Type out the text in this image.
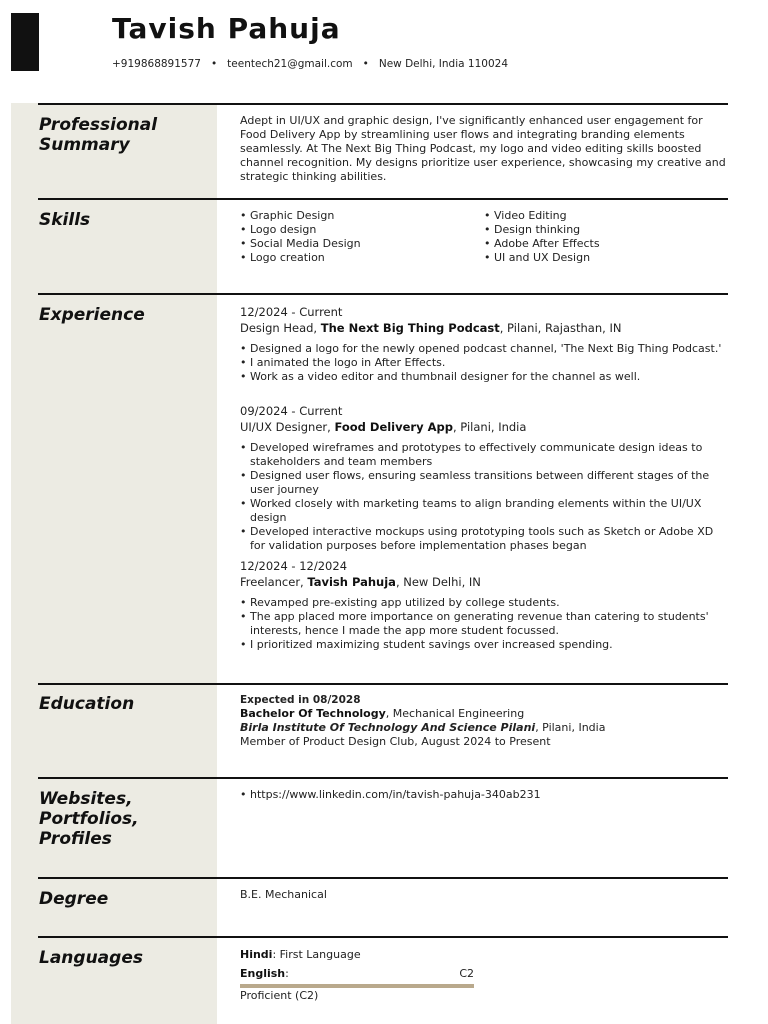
Tavish Pahuja
+919868891577 • teentech21@gmail.com • New Delhi, India 110024
Professional
Summary
Adept in UI/UX and graphic design, I've significantly enhanced user engagement for Food Delivery App by streamlining user flows and integrating branding elements seamlessly. At The Next Big Thing Podcast, my logo and video editing skills boosted channel recognition. My designs prioritize user experience, showcasing my creative and strategic thinking abilities.
Skills
•	Graphic Design
• Logo design
• Social Media Design
• Logo creation
• Video Editing
• Design thinking
• Adobe After Effects
• UI and UX Design
Experience	12/2024 - Current
Design Head, The Next Big Thing Podcast, Pilani, Rajasthan, IN
• Designed a logo for the newly opened podcast channel, 'The Next Big Thing Podcast.'
• I animated the logo in After Effects.
• Work as a video editor and thumbnail designer for the channel as well.
09/2024 - Current
UI/UX Designer, Food Delivery App, Pilani, India
• Developed wireframes and prototypes to effectively communicate design ideas to stakeholders and team members
• Designed user flows, ensuring seamless transitions between different stages of the user journey
• Worked closely with marketing teams to align branding elements within the UI/UX design
• Developed interactive mockups using prototyping tools such as Sketch or Adobe XD for validation purposes before implementation phases began
12/2024 - 12/2024
Freelancer, Tavish Pahuja, New Delhi, IN
• Revamped pre-existing app utilized by college students.
• The app placed more importance on generating revenue than catering to students' interests, hence I made the app more student focussed.
• I prioritized maximizing student savings over increased spending.
Education	Expected in 08/2028
Bachelor Of Technology, Mechanical Engineering
Birla Institute Of Technology And Science Pilani, Pilani, India
Member of Product Design Club, August 2024 to Present
Websites,
Portfolios,
Profiles
• https://www.linkedin.com/in/tavish-pahuja-340ab231
Degree	B.E. Mechanical
Languages	Hindi: First Language
English:	C2
Proficient (C2)
